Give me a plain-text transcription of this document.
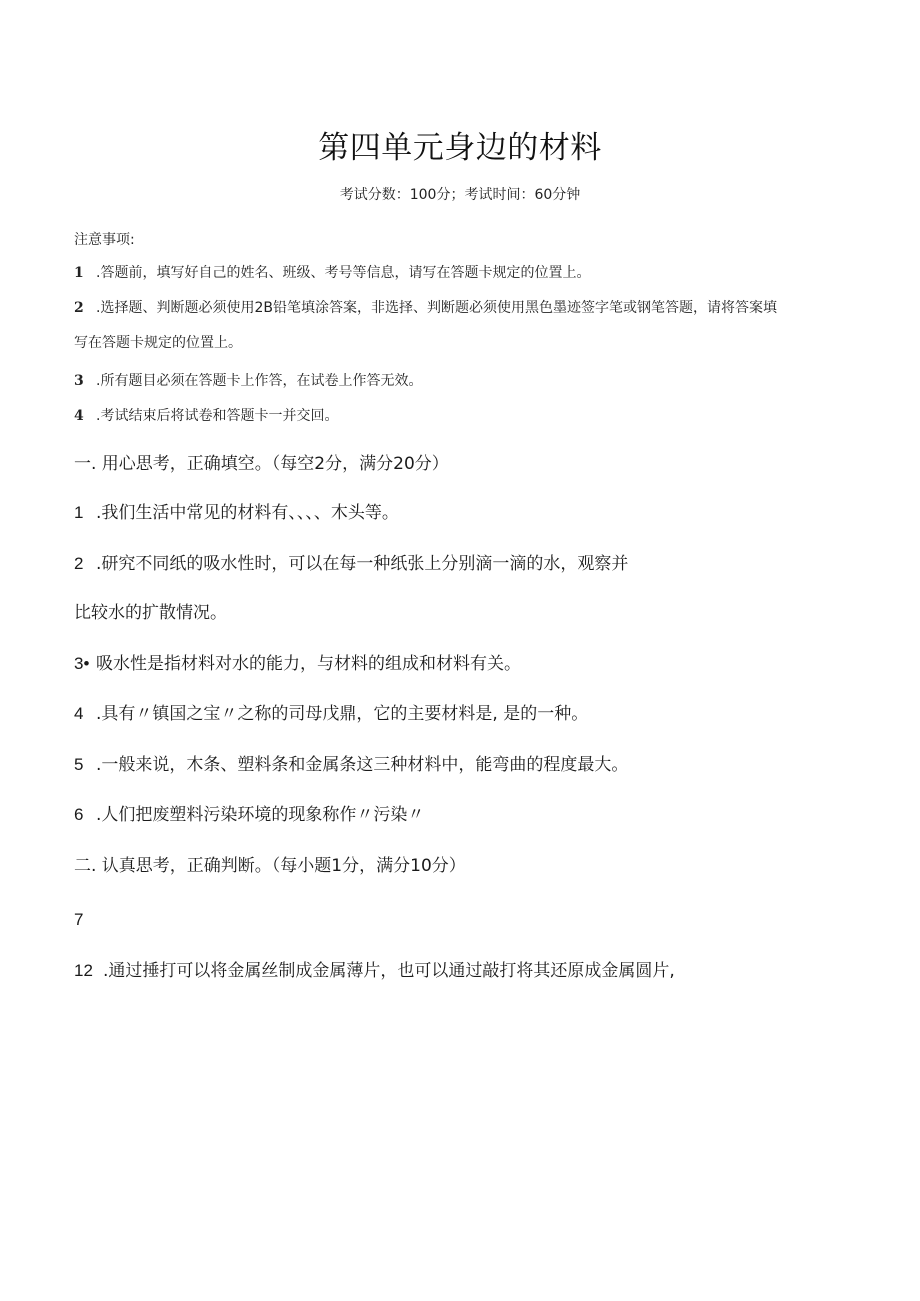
第四单元身边的材料
考试分数：100分；考试时间：60分钟
注意事项:
1 .答题前，填写好自己的姓名、班级、考号等信息，请写在答题卡规定的位置上。
2 .选择题、判断题必须使用2B铅笔填涂答案，非选择、判断题必须使用黑色墨迹签字笔或钢笔答题，请将答案填
写在答题卡规定的位置上。
3 .所有题目必须在答题卡上作答，在试卷上作答无效。
4 .考试结束后将试卷和答题卡一并交回。
一. 用心思考，正确填空。（每空2分，满分20分）
1 .我们生活中常见的材料有、、、、木头等。
2 .研究不同纸的吸水性时，可以在每一种纸张上分别滴一滴的水，观察并
比较水的扩散情况。
3• 吸水性是指材料对水的能力，与材料的组成和材料有关。
4 .具有〃镇国之宝〃之称的司母戊鼎，它的主要材料是, 是的一种。
5 .一般来说，木条、塑料条和金属条这三种材料中，能弯曲的程度最大。
6 .人们把废塑料污染环境的现象称作〃污染〃
二. 认真思考，正确判断。（每小题1分，满分10分）
7
12 .通过捶打可以将金属丝制成金属薄片，也可以通过敲打将其还原成金属圆片,
